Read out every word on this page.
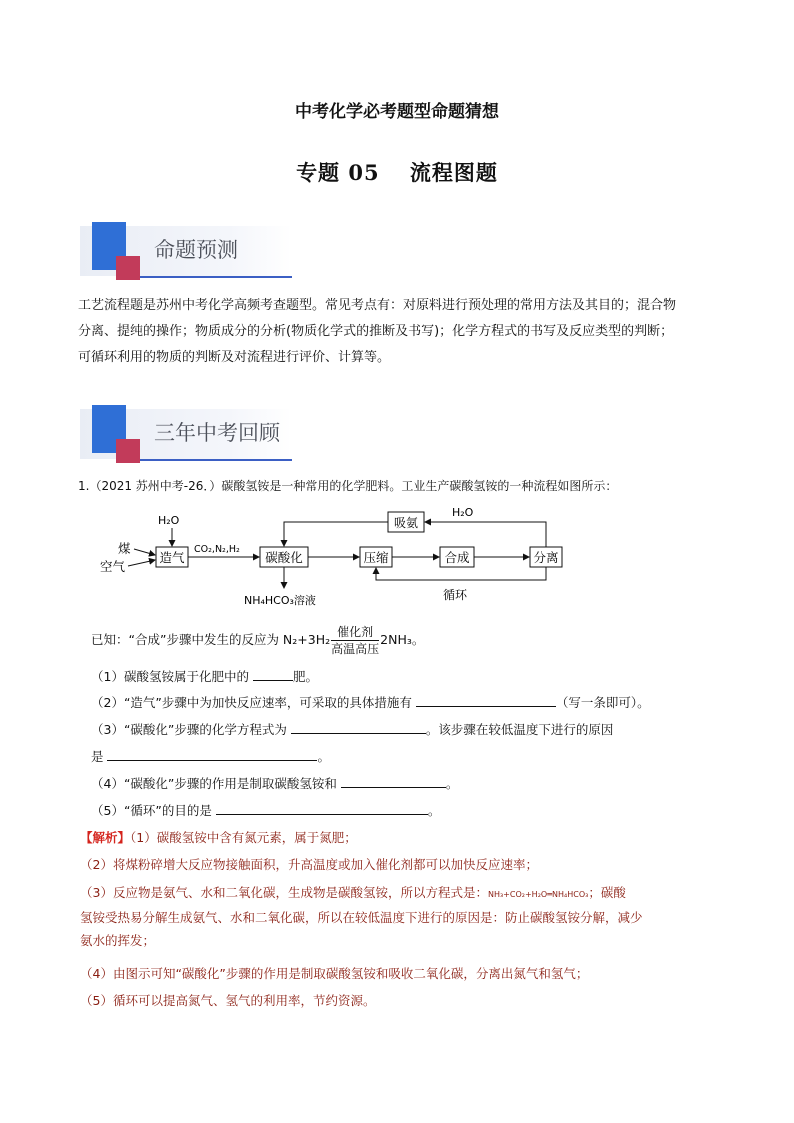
中考化学必考题型命题猜想
专题 05　 流程图题
命题预测
工艺流程题是苏州中考化学高频考查题型。常见考点有：对原料进行预处理的常用方法及其目的；混合物
分离、提纯的操作；物质成分的分析(物质化学式的推断及书写)；化学方程式的书写及反应类型的判断；
可循环利用的物质的判断及对流程进行评价、计算等。
三年中考回顾
1.（2021 苏州中考-26．）碳酸氢铵是一种常用的化学肥料。工业生产碳酸氢铵的一种流程如图所示：
造气	碳酸化	压缩	合成	分离
吸氨
煤
空气
H₂O
CO₂,N₂,H₂
H₂O
NH₄HCO₃溶液	循环
已知：“合成”步骤中发生的反应为 $N_2+3H_2 \frac{\text{催化剂}}{\text{高温高压}} 2NH_3$。
（1）碳酸氢铵属于化肥中的	肥。
（2）“造气”步骤中为加快反应速率，可采取的具体措施有	（写一条即可）。
（3）“碳酸化”步骤的化学方程式为	。该步骤在较低温度下进行的原因
是	。
（4）“碳酸化”步骤的作用是制取碳酸氢铵和	。
（5）“循环”的目的是	。
【解析】（1）碳酸氢铵中含有氮元素，属于氮肥；
（2）将煤粉碎增大反应物接触面积，升高温度或加入催化剂都可以加快反应速率；
（3）反应物是氨气、水和二氧化碳，生成物是碳酸氢铵，所以方程式是：NH₃+CO₂+H₂O═NH₄HCO₃；碳酸
氢铵受热易分解生成氨气、水和二氧化碳，所以在较低温度下进行的原因是：防止碳酸氢铵分解，减少
氨水的挥发；
（4）由图示可知“碳酸化”步骤的作用是制取碳酸氢铵和吸收二氧化碳，分离出氮气和氢气；
（5）循环可以提高氮气、氢气的利用率，节约资源。
